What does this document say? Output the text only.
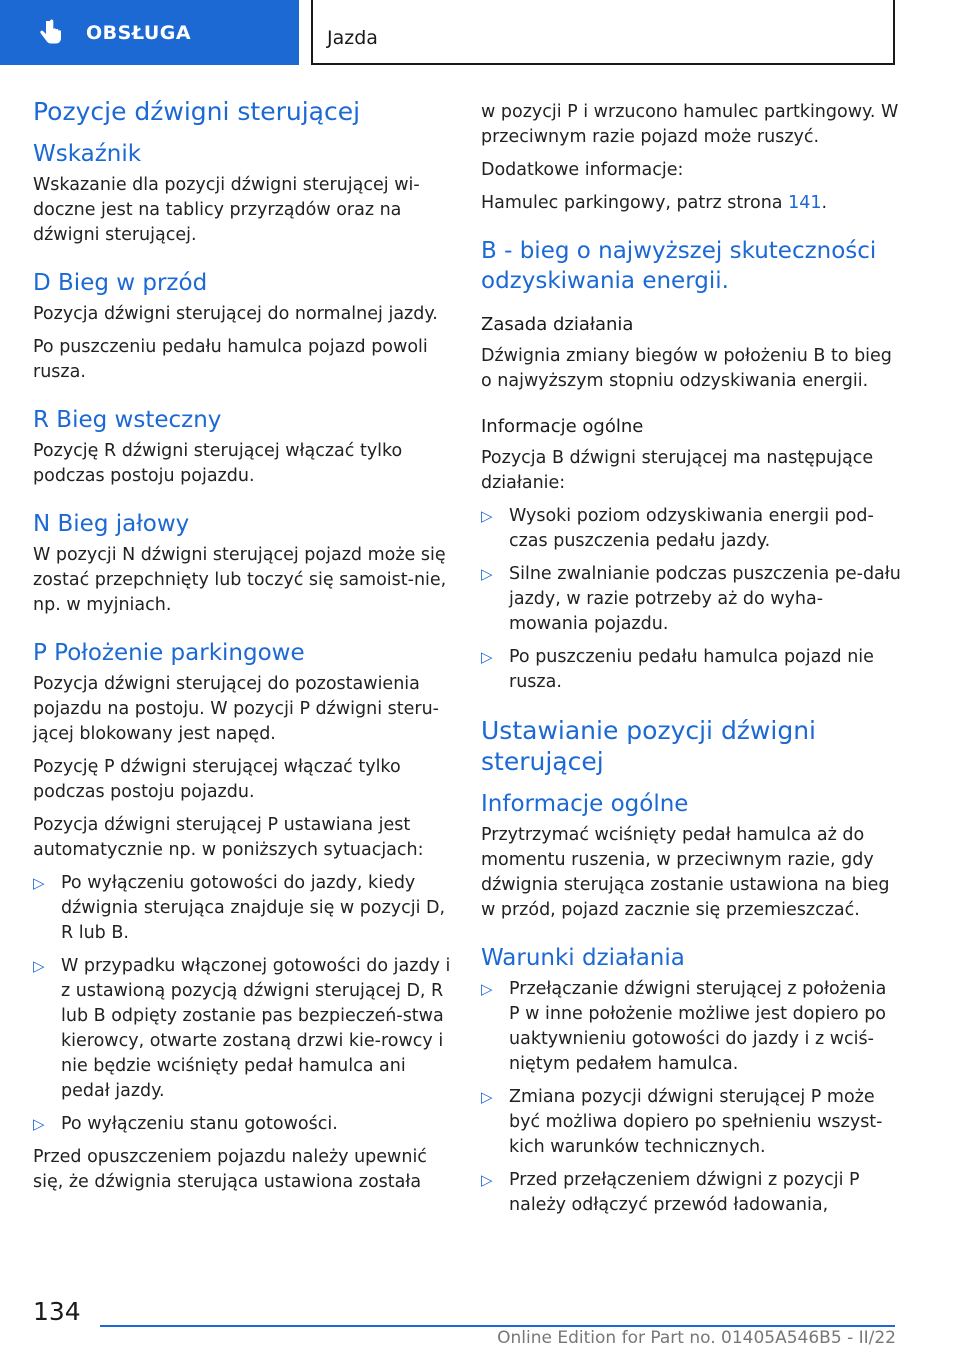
OBSŁUGA	Jazda
Pozycje dźwigni sterującej
Wskaźnik
Wskazanie dla pozycji dźwigni sterującej wi-doczne jest na tablicy przyrządów oraz na dźwigni sterującej.
D Bieg w przód
Pozycja dźwigni sterującej do normalnej jazdy.
Po puszczeniu pedału hamulca pojazd powoli rusza.
R Bieg wsteczny
Pozycję R dźwigni sterującej włączać tylko podczas postoju pojazdu.
N Bieg jałowy
W pozycji N dźwigni sterującej pojazd może się zostać przepchnięty lub toczyć się samoist-nie, np. w myjniach.
P Położenie parkingowe
Pozycja dźwigni sterującej do pozostawienia pojazdu na postoju. W pozycji P dźwigni steru-jącej blokowany jest napęd.
Pozycję P dźwigni sterującej włączać tylko podczas postoju pojazdu.
Pozycja dźwigni sterującej P ustawiana jest automatycznie np. w poniższych sytuacjach:
▷ Po wyłączeniu gotowości do jazdy, kiedy dźwignia sterująca znajduje się w pozycji D, R lub B.
▷ W przypadku włączonej gotowości do jazdy i z ustawioną pozycją dźwigni sterującej D, R lub B odpięty zostanie pas bezpieczeń-stwa kierowcy, otwarte zostaną drzwi kie-rowcy i nie będzie wciśnięty pedał hamulca ani pedał jazdy.
▷ Po wyłączeniu stanu gotowości.
Przed opuszczeniem pojazdu należy upewnić się, że dźwignia sterująca ustawiona została
w pozycji P i wrzucono hamulec partkingowy. W przeciwnym razie pojazd może ruszyć.
Dodatkowe informacje:
Hamulec parkingowy, patrz strona 141.
B - bieg o najwyższej skuteczności odzyskiwania energii.
Zasada działania
Dźwignia zmiany biegów w położeniu B to bieg o najwyższym stopniu odzyskiwania energii.
Informacje ogólne
Pozycja B dźwigni sterującej ma następujące działanie:
▷ Wysoki poziom odzyskiwania energii pod-czas puszczenia pedału jazdy.
▷ Silne zwalnianie podczas puszczenia pe-dału jazdy, w razie potrzeby aż do wyha-mowania pojazdu.
▷ Po puszczeniu pedału hamulca pojazd nie rusza.
Ustawianie pozycji dźwigni sterującej
Informacje ogólne
Przytrzymać wciśnięty pedał hamulca aż do momentu ruszenia, w przeciwnym razie, gdy dźwignia sterująca zostanie ustawiona na bieg w przód, pojazd zacznie się przemieszczać.
Warunki działania
▷ Przełączanie dźwigni sterującej z położenia P w inne położenie możliwe jest dopiero po uaktywnieniu gotowości do jazdy i z wciś-niętym pedałem hamulca.
▷ Zmiana pozycji dźwigni sterującej P może być możliwa dopiero po spełnieniu wszyst-kich warunków technicznych.
▷ Przed przełączeniem dźwigni z pozycji P należy odłączyć przewód ładowania,
134
Online Edition for Part no. 01405A546B5 - II/22
